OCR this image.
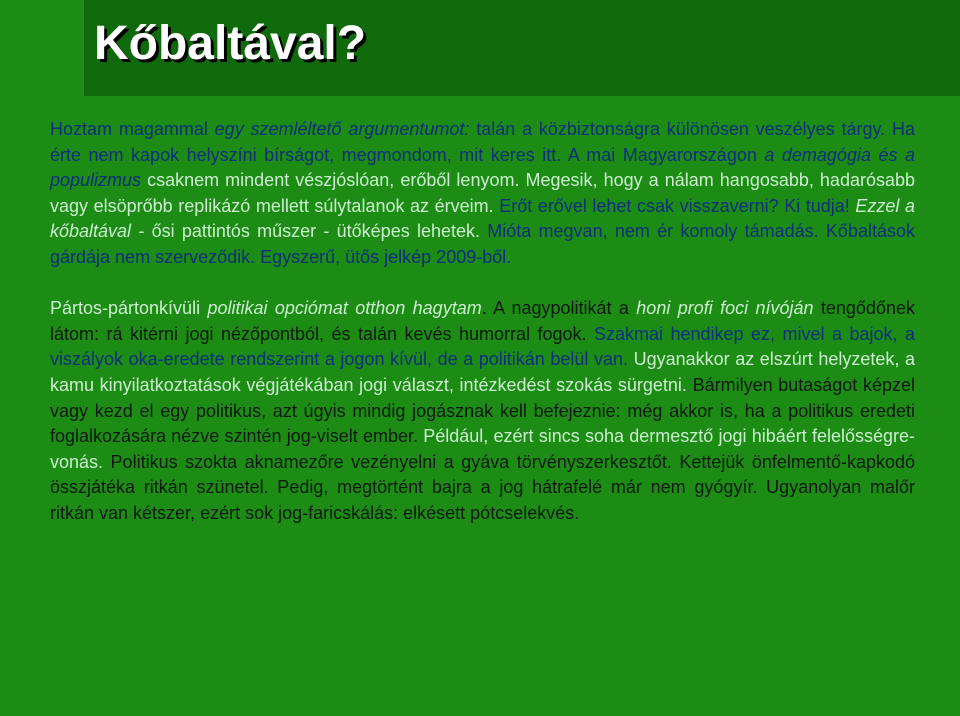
Kőbaltával?

Hoztam magammal egy szemléltető argumentumot: talán a közbiztonságra különösen veszélyes tárgy. Ha érte nem kapok helyszíni bírságot, megmondom, mit keres itt. A mai Magyarországon a demagógia és a populizmus csaknem mindent vészjóslóan, erőből lenyom. Megesik, hogy a nálam hangosabb, hadarósabb vagy elsöprőbb replikázó mellett súlytalanok az érveim. Erőt erővel lehet csak visszaverni? Ki tudja! Ezzel a kőbaltával - ősi pattintós műszer - ütőképes lehetek. Mióta megvan, nem ér komoly támadás. Kőbaltások gárdája nem szerveződik. Egyszerű, ütős jelkép 2009-ből.

Pártos-pártonkívüli politikai opciómat otthon hagytam. A nagypolitikát a honi profi foci nívóján tengődőnek látom: rá kitérni jogi nézőpontból, és talán kevés humorral fogok. Szakmai hendikep ez, mivel a bajok, a viszályok oka-eredete rendszerint a jogon kívül, de a politikán belül van. Ugyanakkor az elszúrt helyzetek, a kamu kinyilatkoztatások végjátékában jogi választ, intézkedést szokás sürgetni. Bármilyen butaságot képzel vagy kezd el egy politikus, azt úgyis mindig jogásznak kell befejeznie: még akkor is, ha a politikus eredeti foglalkozására nézve szintén jog-viselt ember. Például, ezért sincs soha dermesztő jogi hibáért felelősségre-vonás. Politikus szokta aknamezőre vezényelni a gyáva törvényszerkesztőt. Kettejük önfelmentő-kapkodó összjátéka ritkán szünetel. Pedig, megtörtént bajra a jog hátrafelé már nem gyógyír. Ugyanolyan malőr ritkán van kétszer, ezért sok jog-faricskálás: elkésett pótcselekvés.
